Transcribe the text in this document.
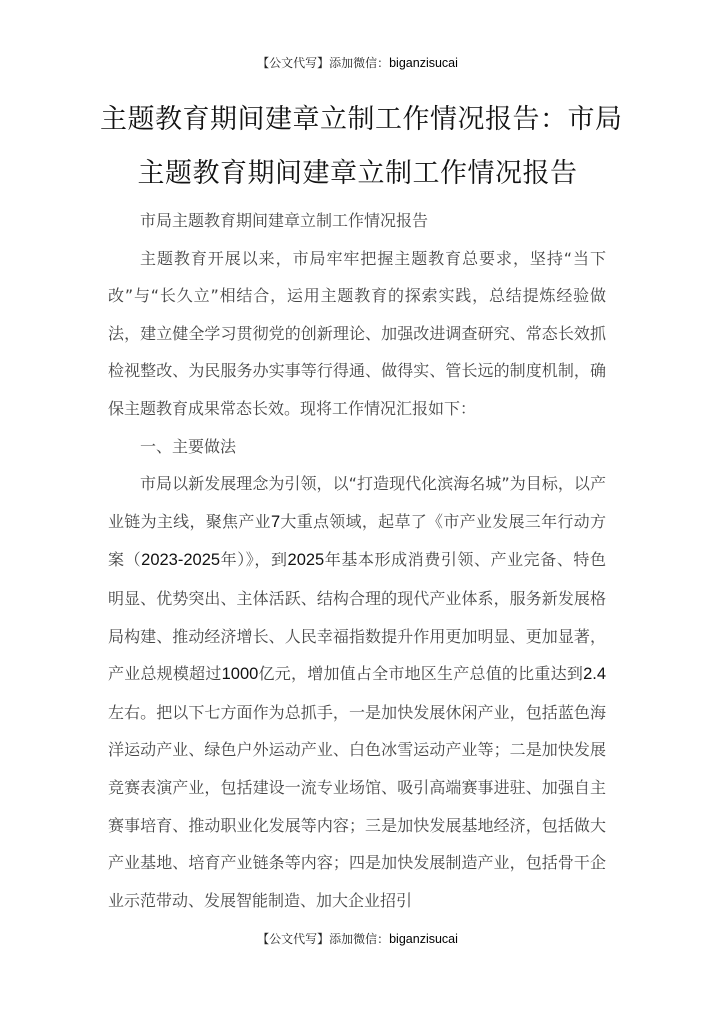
【公文代写】添加微信：biganzisucai
主题教育期间建章立制工作情况报告：市局
主题教育期间建章立制工作情况报告

市局主题教育期间建章立制工作情况报告

主题教育开展以来，市局牢牢把握主题教育总要求，坚持“当下改”与“长久立”相结合，运用主题教育的探索实践，总结提炼经验做法，建立健全学习贯彻党的创新理论、加强改进调查研究、常态长效抓检视整改、为民服务办实事等行得通、做得实、管长远的制度机制，确保主题教育成果常态长效。现将工作情况汇报如下：

一、主要做法

市局以新发展理念为引领，以“打造现代化滨海名城”为目标，以产业链为主线，聚焦产业7大重点领域，起草了《市产业发展三年行动方案（2023-2025年）》，到2025年基本形成消费引领、产业完备、特色明显、优势突出、主体活跃、结构合理的现代产业体系，服务新发展格局构建、推动经济增长、人民幸福指数提升作用更加明显、更加显著，产业总规模超过1000亿元，增加值占全市地区生产总值的比重达到2.4左右。把以下七方面作为总抓手，一是加快发展休闲产业，包括蓝色海洋运动产业、绿色户外运动产业、白色冰雪运动产业等；二是加快发展竞赛表演产业，包括建设一流专业场馆、吸引高端赛事进驻、加强自主赛事培育、推动职业化发展等内容；三是加快发展基地经济，包括做大产业基地、培育产业链条等内容；四是加快发展制造产业，包括骨干企业示范带动、发展智能制造、加大企业招引

【公文代写】添加微信：biganzisucai
